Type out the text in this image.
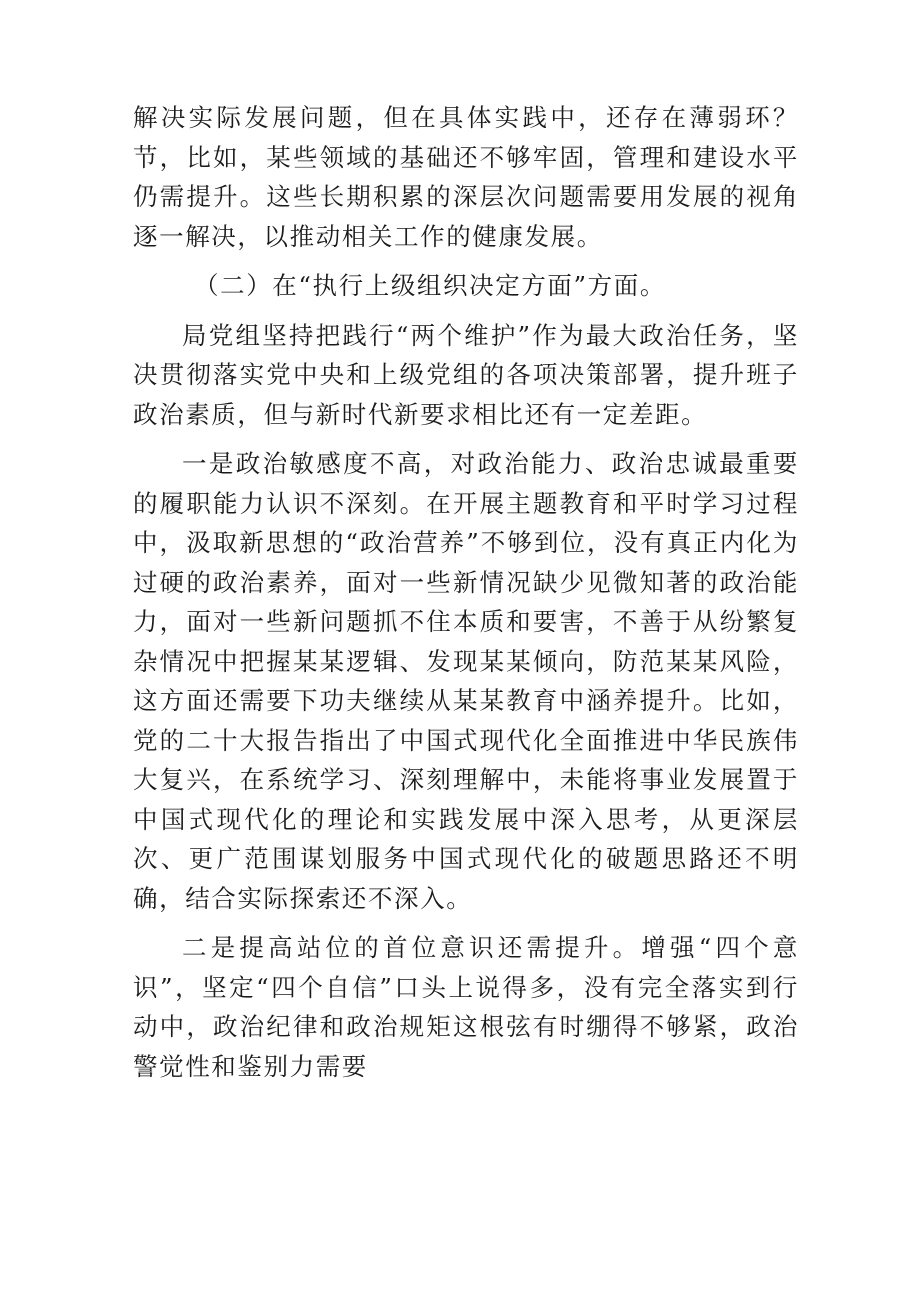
解决实际发展问题，但在具体实践中，还存在薄弱环？节，比如，某些领域的基础还不够牢固，管理和建设水平仍需提升。这些长期积累的深层次问题需要用发展的视角逐一解决，以推动相关工作的健康发展。

（二）在“执行上级组织决定方面”方面。

局党组坚持把践行“两个维护”作为最大政治任务，坚决贯彻落实党中央和上级党组的各项决策部署，提升班子政治素质，但与新时代新要求相比还有一定差距。

一是政治敏感度不高，对政治能力、政治忠诚最重要的履职能力认识不深刻。在开展主题教育和平时学习过程中，汲取新思想的“政治营养”不够到位，没有真正内化为过硬的政治素养，面对一些新情况缺少见微知著的政治能力，面对一些新问题抓不住本质和要害，不善于从纷繁复杂情况中把握某某逻辑、发现某某倾向，防范某某风险，这方面还需要下功夫继续从某某教育中涵养提升。比如，党的二十大报告指出了中国式现代化全面推进中华民族伟大复兴，在系统学习、深刻理解中，未能将事业发展置于中国式现代化的理论和实践发展中深入思考，从更深层次、更广范围谋划服务中国式现代化的破题思路还不明确，结合实际探索还不深入。

二是提高站位的首位意识还需提升。增强“四个意识”，坚定“四个自信”口头上说得多，没有完全落实到行动中，政治纪律和政治规矩这根弦有时绷得不够紧，政治警觉性和鉴别力需要
